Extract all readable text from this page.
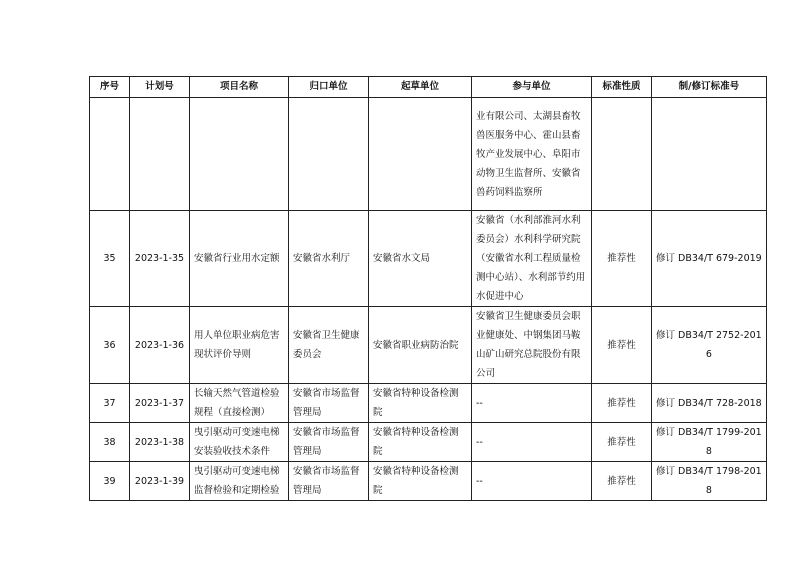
序号	计划号	项目名称	归口单位	起草单位	参与单位	标准性质	制/修订标准号
					业有限公司、太湖县畜牧兽医服务中心、霍山县畜牧产业发展中心、阜阳市动物卫生监督所、安徽省兽药饲料监察所		
35	2023-1-35	安徽省行业用水定额	安徽省水利厅	安徽省水文局	安徽省（水利部淮河水利委员会）水利科学研究院（安徽省水利工程质量检测中心站）、水利部节约用水促进中心	推荐性	修订 DB34/T 679-2019
36	2023-1-36	用人单位职业病危害现状评价导则	安徽省卫生健康委员会	安徽省职业病防治院	安徽省卫生健康委员会职业健康处、中钢集团马鞍山矿山研究总院股份有限公司	推荐性	修订 DB34/T 2752-2016
37	2023-1-37	长输天然气管道检验规程（直接检测）	安徽省市场监督管理局	安徽省特种设备检测院	--	推荐性	修订 DB34/T 728-2018
38	2023-1-38	曳引驱动可变速电梯安装验收技术条件	安徽省市场监督管理局	安徽省特种设备检测院	--	推荐性	修订 DB34/T 1799-2018
39	2023-1-39	曳引驱动可变速电梯监督检验和定期检验	安徽省市场监督管理局	安徽省特种设备检测院	--	推荐性	修订 DB34/T 1798-2018
